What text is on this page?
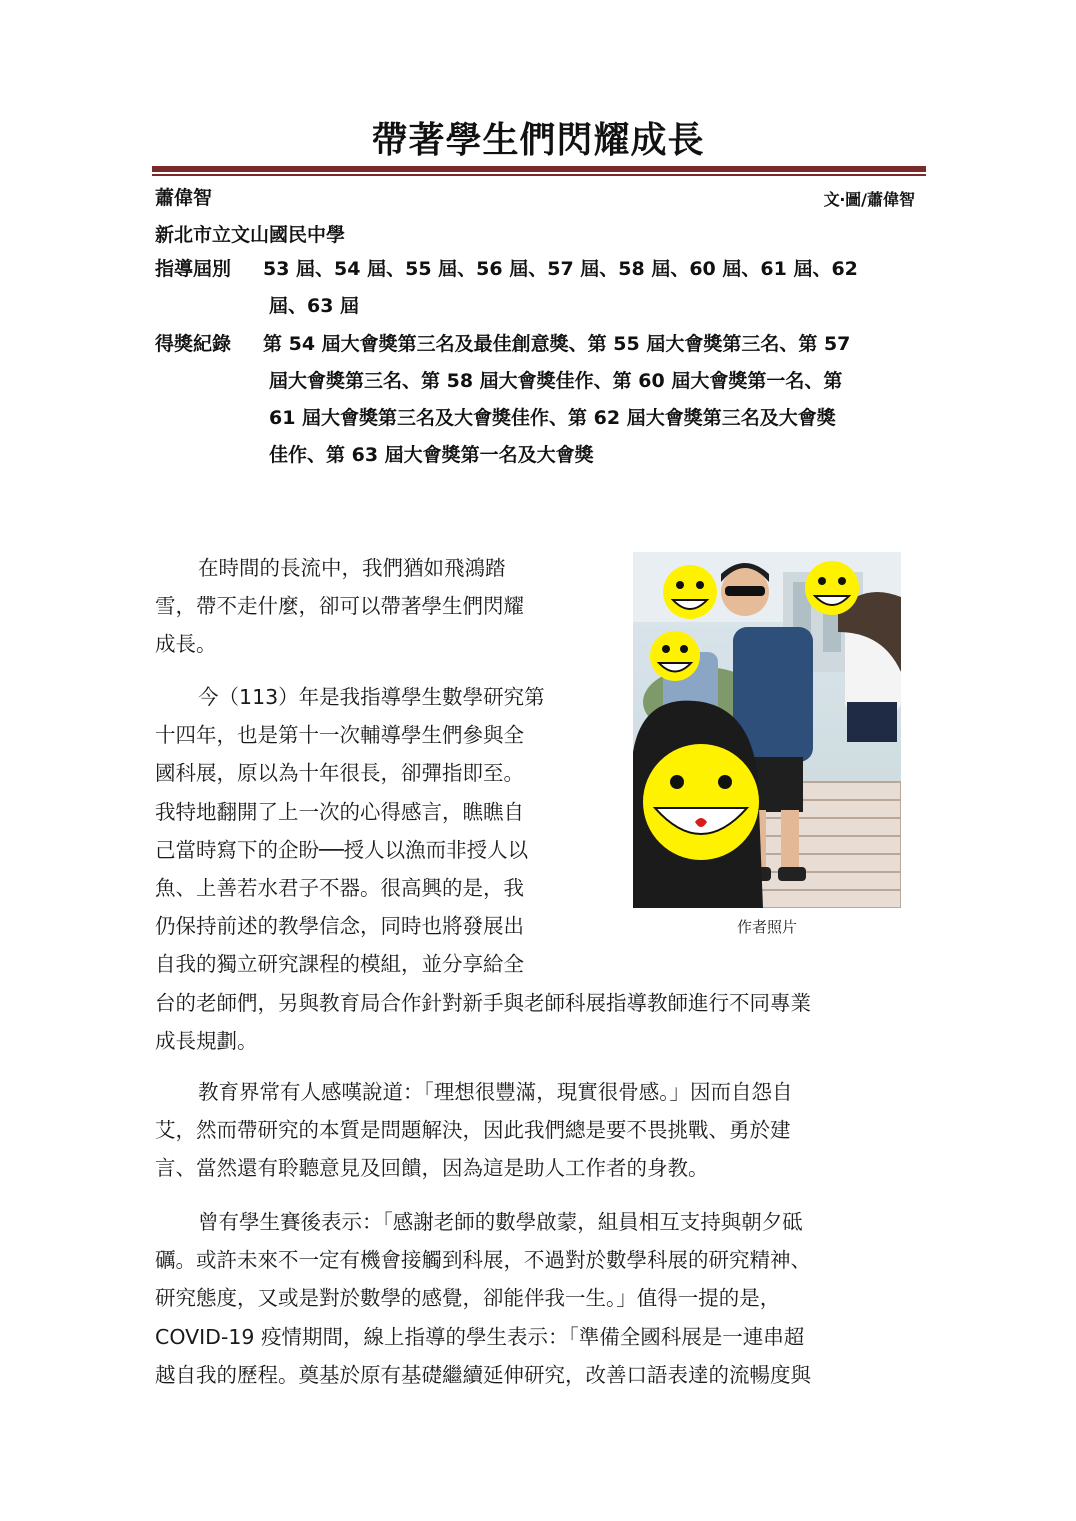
帶著學生們閃耀成長
蕭偉智	文‧圖/蕭偉智
新北市立文山國民中學
指導屆別 53 屆、54 屆、55 屆、56 屆、57 屆、58 屆、60 屆、61 屆、62
屆、63 屆
得獎紀錄 第 54 屆大會獎第三名及最佳創意獎、第 55 屆大會獎第三名、第 57
屆大會獎第三名、第 58 屆大會獎佳作、第 60 屆大會獎第一名、第
61 屆大會獎第三名及大會獎佳作、第 62 屆大會獎第三名及大會獎
佳作、第 63 屆大會獎第一名及大會獎
在時間的長流中，我們猶如飛鴻踏
雪，帶不走什麼，卻可以帶著學生們閃耀
成長。
今（113）年是我指導學生數學研究第
十四年，也是第十一次輔導學生們參與全
國科展，原以為十年很長，卻彈指即至。
我特地翻開了上一次的心得感言，瞧瞧自
己當時寫下的企盼──授人以漁而非授人以
魚、上善若水君子不器。很高興的是，我
仍保持前述的教學信念，同時也將發展出
自我的獨立研究課程的模組，並分享給全
台的老師們，另與教育局合作針對新手與老師科展指導教師進行不同專業
成長規劃。
作者照片
教育界常有人感嘆說道：「理想很豐滿，現實很骨感。」因而自怨自
艾，然而帶研究的本質是問題解決，因此我們總是要不畏挑戰、勇於建
言、當然還有聆聽意見及回饋，因為這是助人工作者的身教。
曾有學生賽後表示：「感謝老師的數學啟蒙，組員相互支持與朝夕砥
礪。或許未來不一定有機會接觸到科展，不過對於數學科展的研究精神、
研究態度，又或是對於數學的感覺，卻能伴我一生。」值得一提的是，
COVID-19 疫情期間，線上指導的學生表示：「準備全國科展是一連串超
越自我的歷程。奠基於原有基礎繼續延伸研究，改善口語表達的流暢度與
